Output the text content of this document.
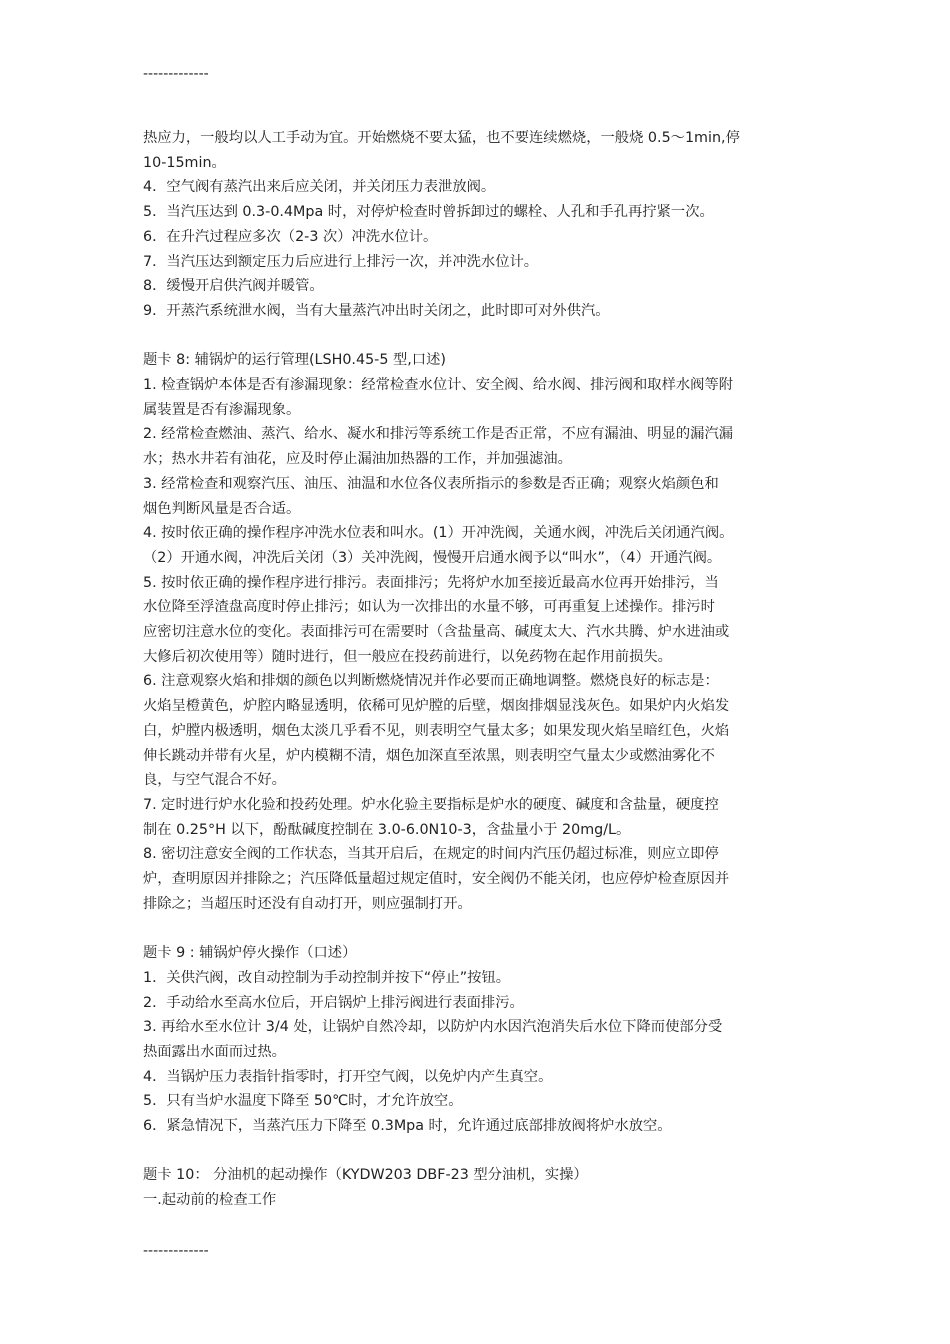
-------------

热应力，一般均以人工手动为宜。开始燃烧不要太猛，也不要连续燃烧，一般烧 0.5～1min,停

10-15min。

4．空气阀有蒸汽出来后应关闭，并关闭压力表泄放阀。

5．当汽压达到 0.3-0.4Mpa 时，对停炉检查时曾拆卸过的螺栓、人孔和手孔再拧紧一次。

6．在升汽过程应多次（2-3 次）冲洗水位计。

7．当汽压达到额定压力后应进行上排污一次，并冲洗水位计。

8．缓慢开启供汽阀并暖管。

9．开蒸汽系统泄水阀，当有大量蒸汽冲出时关闭之，此时即可对外供汽。

题卡 8: 辅锅炉的运行管理(LSH0.45-5 型,口述)

1. 检查锅炉本体是否有渗漏现象：经常检查水位计、安全阀、给水阀、排污阀和取样水阀等附

属装置是否有渗漏现象。

2. 经常检查燃油、蒸汽、给水、凝水和排污等系统工作是否正常，不应有漏油、明显的漏汽漏

水；热水井若有油花，应及时停止漏油加热器的工作，并加强滤油。

3. 经常检查和观察汽压、油压、油温和水位各仪表所指示的参数是否正确；观察火焰颜色和

烟色判断风量是否合适。

4. 按时依正确的操作程序冲洗水位表和叫水。(1）开冲洗阀，关通水阀，冲洗后关闭通汽阀。

（2）开通水阀，冲洗后关闭（3）关冲洗阀，慢慢开启通水阀予以“叫水”，（4）开通汽阀。

5. 按时依正确的操作程序进行排污。表面排污；先将炉水加至接近最高水位再开始排污，当

水位降至浮渣盘高度时停止排污；如认为一次排出的水量不够，可再重复上述操作。排污时

应密切注意水位的变化。表面排污可在需要时（含盐量高、碱度太大、汽水共腾、炉水进油或

大修后初次使用等）随时进行，但一般应在投药前进行，以免药物在起作用前损失。

6. 注意观察火焰和排烟的颜色以判断燃烧情况并作必要而正确地调整。燃烧良好的标志是：

火焰呈橙黄色，炉腔内略显透明，依稀可见炉膛的后壁，烟囱排烟显浅灰色。如果炉内火焰发

白，炉膛内极透明，烟色太淡几乎看不见，则表明空气量太多；如果发现火焰呈暗红色，火焰

伸长跳动并带有火星，炉内模糊不清，烟色加深直至浓黑，则表明空气量太少或燃油雾化不

良，与空气混合不好。

7. 定时进行炉水化验和投药处理。炉水化验主要指标是炉水的硬度、碱度和含盐量，硬度控

制在 0.25°H 以下，酚酞碱度控制在 3.0-6.0N10-3，含盐量小于 20mg/L。

8. 密切注意安全阀的工作状态，当其开启后，在规定的时间内汽压仍超过标准，则应立即停

炉，查明原因并排除之；汽压降低量超过规定值时，安全阀仍不能关闭，也应停炉检查原因并

排除之；当超压时还没有自动打开，则应强制打开。

题卡 9 : 辅锅炉停火操作（口述）

1．关供汽阀，改自动控制为手动控制并按下“停止”按钮。

2．手动给水至高水位后，开启锅炉上排污阀进行表面排污。

3. 再给水至水位计 3/4 处，让锅炉自然冷却，以防炉内水因汽泡消失后水位下降而使部分受

热面露出水面而过热。

4．当锅炉压力表指针指零时，打开空气阀，以免炉内产生真空。

5．只有当炉水温度下降至 50℃时，才允许放空。

6．紧急情况下，当蒸汽压力下降至 0.3Mpa 时，允许通过底部排放阀将炉水放空。

题卡 10： 分油机的起动操作（KYDW203 DBF-23 型分油机，实操）

一.起动前的检查工作

-------------
